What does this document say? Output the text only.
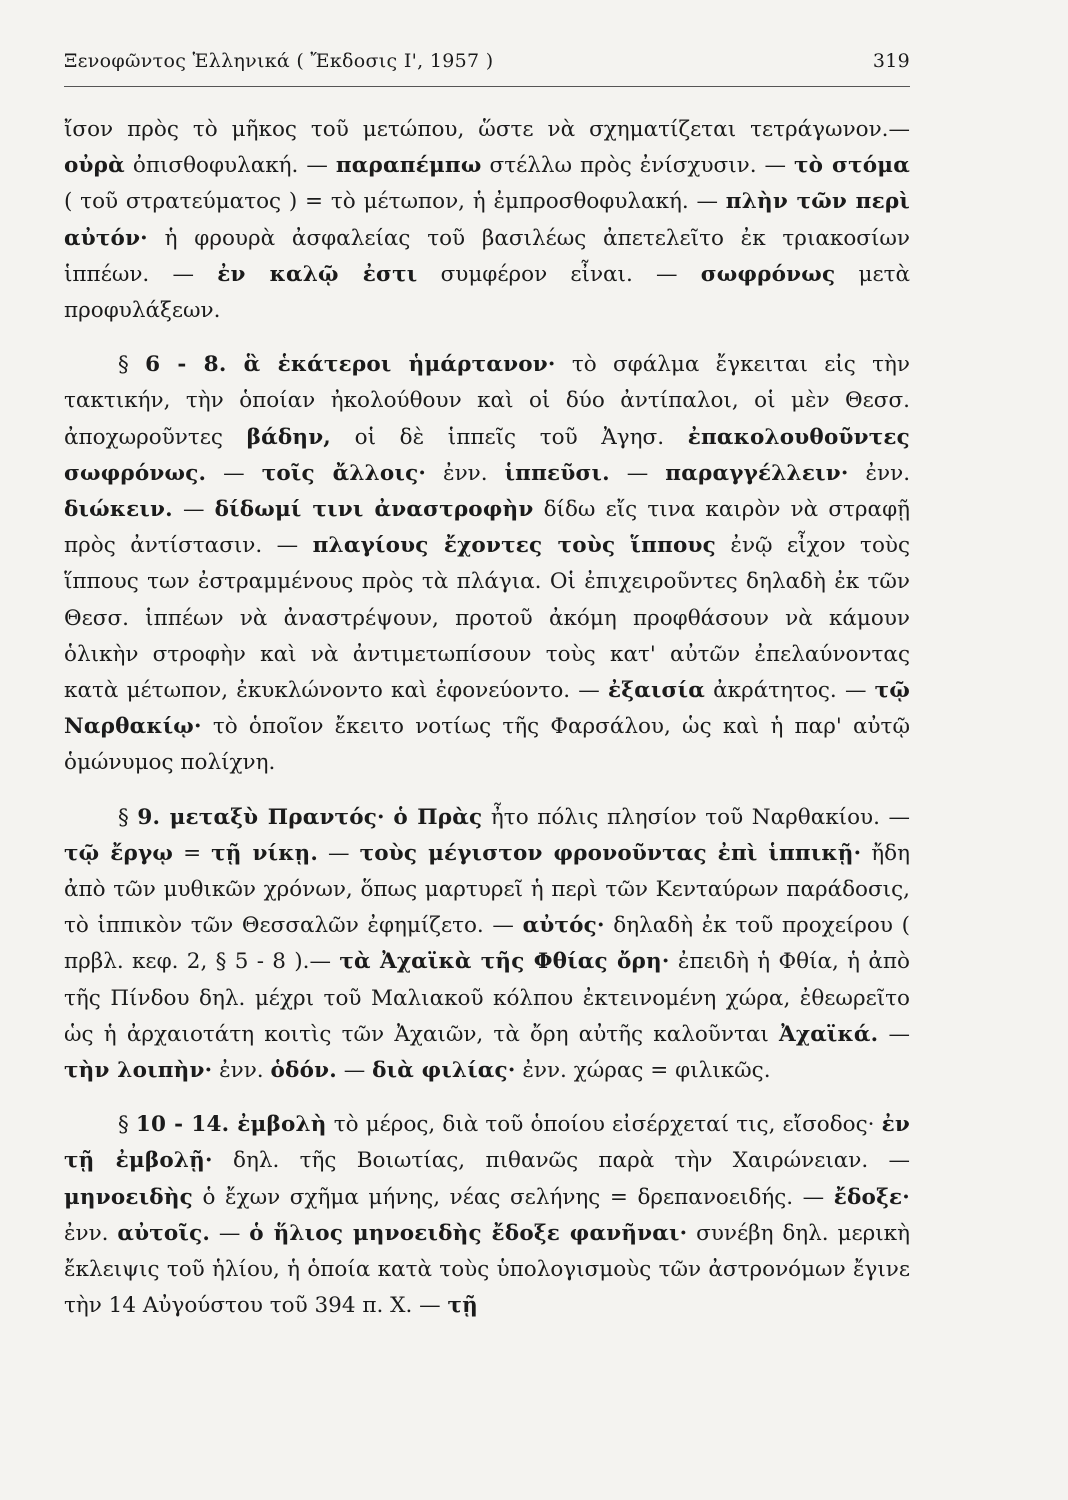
Ξενοφῶντος Ἑλληνικά ( Ἔκδοσις Ι', 1957 )	319

ἴσον πρὸς τὸ μῆκος τοῦ μετώπου, ὥστε νὰ σχηματίζεται τετράγωνον.— οὐρὰ ὀπισθοφυλακή. — παραπέμπω στέλλω πρὸς ἐνίσχυσιν. — τὸ στόμα ( τοῦ στρατεύματος ) = τὸ μέτωπον, ἡ ἐμπροσθοφυλακή. — πλὴν τῶν περὶ αὐτόν· ἡ φρουρὰ ἀσφαλείας τοῦ βασιλέως ἀπετελεῖτο ἐκ τριακοσίων ἱππέων. — ἐν καλῷ ἐστι συμφέρον εἶναι. — σωφρόνως μετὰ προφυλάξεων.

§ 6 - 8. ἃ ἑκάτεροι ἡμάρτανον· τὸ σφάλμα ἔγκειται εἰς τὴν τακτικήν, τὴν ὁποίαν ἠκολούθουν καὶ οἱ δύο ἀντίπαλοι, οἱ μὲν Θεσσ. ἀποχωροῦντες βάδην, οἱ δὲ ἱππεῖς τοῦ Ἀγησ. ἐπακολουθοῦντες σωφρόνως. — τοῖς ἄλλοις· ἐνν. ἱππεῦσι. — παραγγέλλειν· ἐνν. διώκειν. — δίδωμί τινι ἀναστροφὴν δίδω εἴς τινα καιρὸν νὰ στραφῇ πρὸς ἀντίστασιν. — πλαγίους ἔχοντες τοὺς ἵππους ἐνῷ εἶχον τοὺς ἵππους των ἐστραμμένους πρὸς τὰ πλάγια. Οἱ ἐπιχειροῦντες δηλαδὴ ἐκ τῶν Θεσσ. ἱππέων νὰ ἀναστρέψουν, προτοῦ ἀκόμη προφθάσουν νὰ κάμουν ὁλικὴν στροφὴν καὶ νὰ ἀντιμετωπίσουν τοὺς κατ' αὐτῶν ἐπελαύνοντας κατὰ μέτωπον, ἐκυκλώνοντο καὶ ἐφονεύοντο. — ἐξαισία ἀκράτητος. — τῷ Ναρθακίῳ· τὸ ὁποῖον ἔκειτο νοτίως τῆς Φαρσάλου, ὡς καὶ ἡ παρ' αὐτῷ ὁμώνυμος πολίχνη.

§ 9. μεταξὺ Πραντός· ὁ Πρὰς ἦτο πόλις πλησίον τοῦ Ναρθακίου. — τῷ ἔργῳ = τῇ νίκῃ. — τοὺς μέγιστον φρονοῦντας ἐπὶ ἱππικῇ· ἤδη ἀπὸ τῶν μυθικῶν χρόνων, ὅπως μαρτυρεῖ ἡ περὶ τῶν Κενταύρων παράδοσις, τὸ ἱππικὸν τῶν Θεσσαλῶν ἐφημίζετο. — αὐτός· δηλαδὴ ἐκ τοῦ προχείρου ( πρβλ. κεφ. 2, § 5 - 8 ).— τὰ Ἀχαϊκὰ τῆς Φθίας ὄρη· ἐπειδὴ ἡ Φθία, ἡ ἀπὸ τῆς Πίνδου δηλ. μέχρι τοῦ Μαλιακοῦ κόλπου ἐκτεινομένη χώρα, ἐθεωρεῖτο ὡς ἡ ἀρχαιοτάτη κοιτὶς τῶν Ἀχαιῶν, τὰ ὄρη αὐτῆς καλοῦνται Ἀχαϊκά. — τὴν λοιπὴν· ἐνν. ὁδόν. — διὰ φιλίας· ἐνν. χώρας = φιλικῶς.

§ 10 - 14. ἐμβολὴ τὸ μέρος, διὰ τοῦ ὁποίου εἰσέρχεταί τις, εἴσοδος· ἐν τῇ ἐμβολῇ· δηλ. τῆς Βοιωτίας, πιθανῶς παρὰ τὴν Χαιρώνειαν. — μηνοειδὴς ὁ ἔχων σχῆμα μήνης, νέας σελήνης = δρεπανοειδής. — ἔδοξε· ἐνν. αὐτοῖς. — ὁ ἥλιος μηνοειδὴς ἔδοξε φανῆναι· συνέβη δηλ. μερικὴ ἔκλειψις τοῦ ἡλίου, ἡ ὁποία κατὰ τοὺς ὑπολογισμοὺς τῶν ἀστρονόμων ἔγινε τὴν 14 Αὐγούστου τοῦ 394 π. Χ. — τῇ
